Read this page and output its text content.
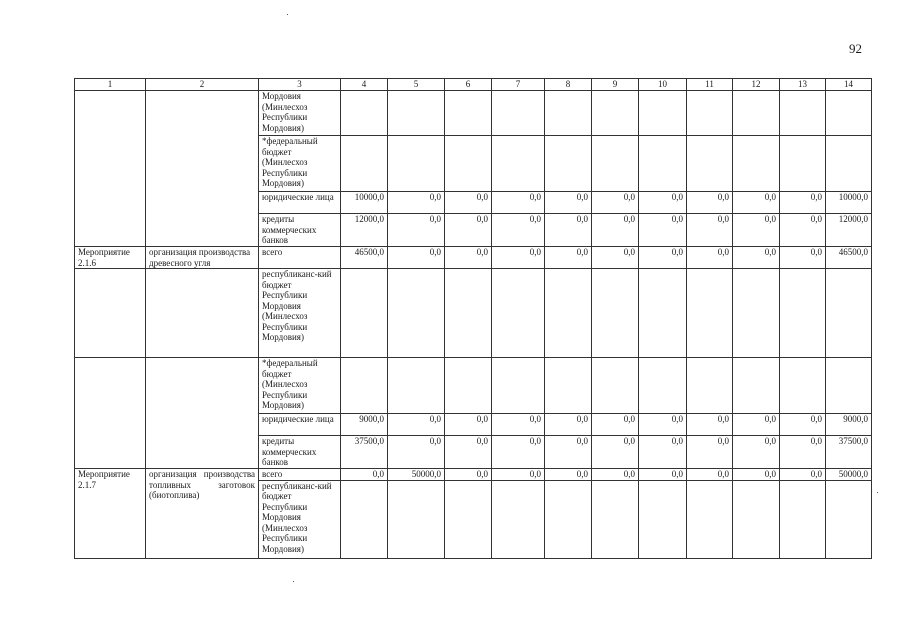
92
1	2	3	4	5	6	7	8	9	10	11	12	13	14
		Мордовия (Минлесхоз Республики Мордовия)											
		*федеральный бюджет (Минлесхоз Республики Мордовия)											
		юридические лица	10000,0	0,0	0,0	0,0	0,0	0,0	0,0	0,0	0,0	0,0	10000,0
		кредиты коммерческих банков	12000,0	0,0	0,0	0,0	0,0	0,0	0,0	0,0	0,0	0,0	12000,0
Мероприятие 2.1.6	организация производства древесного угля	всего	46500,0	0,0	0,0	0,0	0,0	0,0	0,0	0,0	0,0	0,0	46500,0
		республиканс-кий бюджет Республики Мордовия (Минлесхоз Республики Мордовия)											
		*федеральный бюджет (Минлесхоз Республики Мордовия)											
		юридические лица	9000,0	0,0	0,0	0,0	0,0	0,0	0,0	0,0	0,0	0,0	9000,0
		кредиты коммерческих банков	37500,0	0,0	0,0	0,0	0,0	0,0	0,0	0,0	0,0	0,0	37500,0
Мероприятие 2.1.7	организация производства топливных заготовок (биотоплива)	всего	0,0	50000,0	0,0	0,0	0,0	0,0	0,0	0,0	0,0	0,0	50000,0
		республиканс-кий бюджет Республики Мордовия (Минлесхоз Республики Мордовия)											
